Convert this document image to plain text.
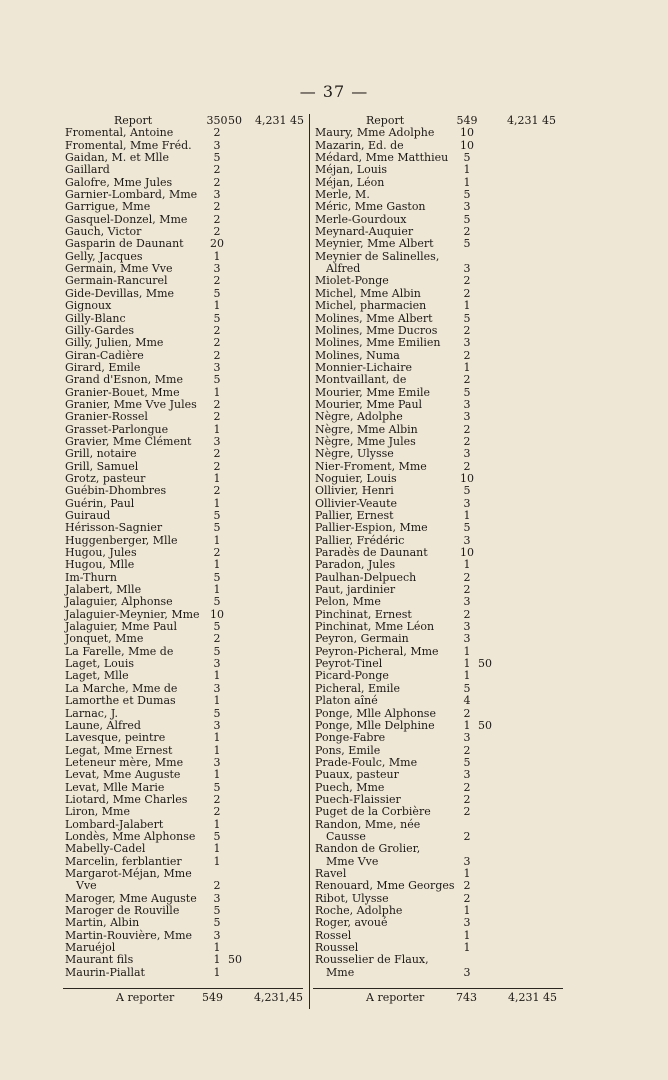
— 37 —
Report	350 50	4,231 45
Fromental, Antoine	2
Fromental, Mme Fréd.	3
Gaidan, M. et Mlle	5
Gaillard	2
Galofre, Mme Jules	2
Garnier-Lombard, Mme	3
Garrigue, Mme	2
Gasquel-Donzel, Mme	2
Gauch, Victor	2
Gasparin de Daunant	20
Gelly, Jacques	1
Germain, Mme Vve	3
Germain-Rancurel	2
Gide-Devillas, Mme	5
Gignoux	1
Gilly-Blanc	5
Gilly-Gardes	2
Gilly, Julien, Mme	2
Giran-Cadière	2
Girard, Emile	3
Grand d'Esnon, Mme	5
Granier-Bouet, Mme	1
Granier, Mme Vve Jules	2
Granier-Rossel	2
Grasset-Parlongue	1
Gravier, Mme Clément	3
Grill, notaire	2
Grill, Samuel	2
Grotz, pasteur	1
Guébin-Dhombres	2
Guérin, Paul	1
Guiraud	5
Hérisson-Sagnier	5
Huggenberger, Mlle	1
Hugou, Jules	2
Hugou, Mlle	1
Im-Thurn	5
Jalabert, Mlle	1
Jalaguier, Alphonse	5
Jalaguier-Meynier, Mme 10
Jalaguier, Mme Paul	5
Jonquet, Mme	2
La Farelle, Mme de	5
Laget, Louis	3
Laget, Mlle	1
La Marche, Mme de	3
Lamorthe et Dumas	1
Larnac, J.	5
Laune, Alfred	3
Lavesque, peintre	1
Legat, Mme Ernest	1
Leteneur mère, Mme	3
Levat, Mme Auguste	1
Levat, Mlle Marie	5
Liotard, Mme Charles	2
Liron, Mme	2
Lombard-Jalabert	1
Londès, Mme Alphonse	5
Mabelly-Cadel	1
Marcelin, ferblantier	1
Margarot-Méjan, Mme
Vve	2
Maroger, Mme Auguste	3
Maroger de Rouville	5
Martin, Albin	5
Martin-Rouvière, Mme	3
Maruéjol	1
Maurant fils	1 50
Maurin-Piallat	1
Report	549	4,231 45
Maury, Mme Adolphe	10
Mazarin, Ed. de	10
Médard, Mme Matthieu	5
Méjan, Louis	1
Méjan, Léon	1
Merle, M.	5
Méric, Mme Gaston	3
Merle-Gourdoux	5
Meynard-Auquier	2
Meynier, Mme Albert	5
Meynier de Salinelles,
Alfred	3
Miolet-Ponge	2
Michel, Mme Albin	2
Michel, pharmacien	1
Molines, Mme Albert	5
Molines, Mme Ducros	2
Molines, Mme Emilien	3
Molines, Numa	2
Monnier-Lichaire	1
Montvaillant, de	2
Mourier, Mme Emile	5
Mourier, Mme Paul	3
Nègre, Adolphe	3
Nègre, Mme Albin	2
Nègre, Mme Jules	2
Nègre, Ulysse	3
Nier-Froment, Mme	2
Noguier, Louis	10
Ollivier, Henri	5
Ollivier-Veaute	3
Pallier, Ernest	1
Pallier-Espion, Mme	5
Pallier, Frédéric	3
Paradès de Daunant	10
Paradon, Jules	1
Paulhan-Delpuech	2
Paut, jardinier	2
Pelon, Mme	3
Pinchinat, Ernest	2
Pinchinat, Mme Léon	3
Peyron, Germain	3
Peyron-Picheral, Mme	1
Peyrot-Tinel	1 50
Picard-Ponge	1
Picheral, Emile	5
Platon aîné	4
Ponge, Mlle Alphonse	2
Ponge, Mlle Delphine	1 50
Ponge-Fabre	3
Pons, Emile	2
Prade-Foulc, Mme	5
Puaux, pasteur	3
Puech, Mme	2
Puech-Flaissier	2
Puget de la Corbière	2
Randon, Mme, née
Causse	2
Randon de Grolier,
Mme Vve	3
Ravel	1
Renouard, Mme Georges 2
Ribot, Ulysse	2
Roche, Adolphe	1
Roger, avoué	3
Rossel	1
Roussel	1
Rousselier de Flaux,
Mme	3
A reporter	549	4,231,45	A reporter	743	4,231 45
